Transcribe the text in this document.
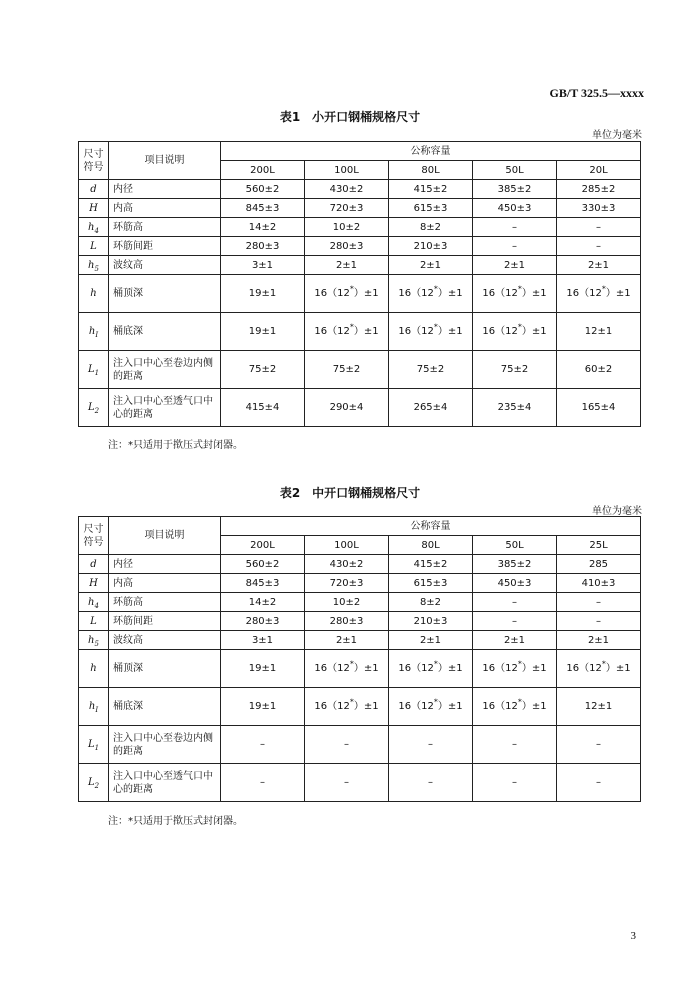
GB/T 325.5—xxxx
表1　小开口钢桶规格尺寸
单位为毫米
尺寸
符号	项目说明	公称容量				
		200L	100L	80L	50L	20L
d	内径	560±2	430±2	415±2	385±2	285±2
H	内高	845±3	720±3	615±3	450±3	330±3
$h_4$	环筋高	14±2	10±2	8±2	–	–
L	环筋间距	280±3	280±3	210±3	–	–
$h_5$	波纹高	3±1	2±1	2±1	2±1	2±1
h	桶顶深	19±1	16（12*）±1	16（12*）±1	16（12*）±1	16（12*）±1
$h_I$	桶底深	19±1	16（12*）±1	16（12*）±1	16（12*）±1	12±1
$L_1$	注入口中心至卷边内侧的距离	75±2	75±2	75±2	75±2	60±2
$L_2$	注入口中心至透气口中心的距离	415±4	290±4	265±4	235±4	165±4
注：*只适用于揿压式封闭器。
表2　中开口钢桶规格尺寸
单位为毫米
尺寸
符号	项目说明	公称容量				
		200L	100L	80L	50L	25L
d	内径	560±2	430±2	415±2	385±2	285
H	内高	845±3	720±3	615±3	450±3	410±3
$h_4$	环筋高	14±2	10±2	8±2	–	–
L	环筋间距	280±3	280±3	210±3	–	–
$h_5$	波纹高	3±1	2±1	2±1	2±1	2±1
h	桶顶深	19±1	16（12*）±1	16（12*）±1	16（12*）±1	16（12*）±1
$h_I$	桶底深	19±1	16（12*）±1	16（12*）±1	16（12*）±1	12±1
$L_1$	注入口中心至卷边内侧的距离	–	–	–	–	–
$L_2$	注入口中心至透气口中心的距离	–	–	–	–	–
注：*只适用于揿压式封闭器。
3
